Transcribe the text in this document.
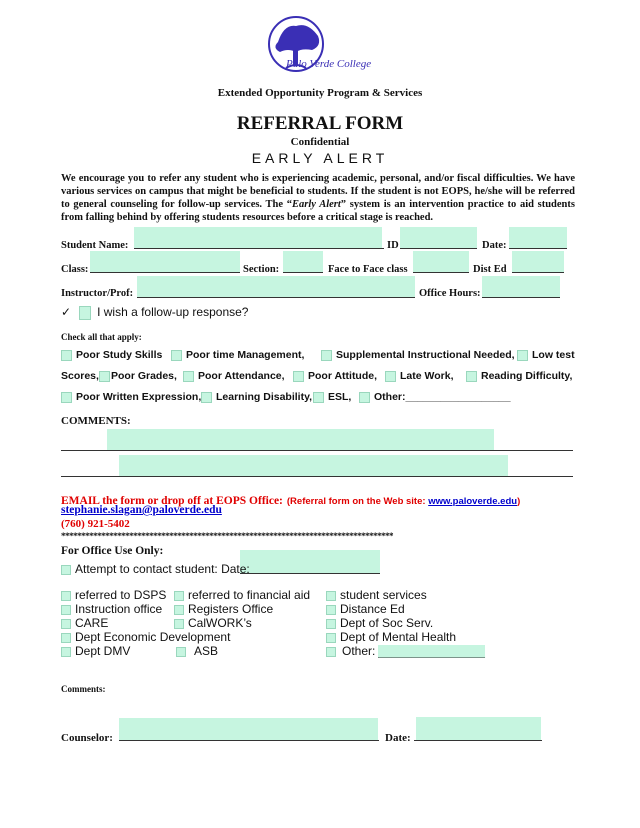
Palo Verde College
Extended Opportunity Program & Services
REFERRAL FORM
Confidential
EARLY ALERT
We encourage you to refer any student who is experiencing academic, personal, and/or fiscal difficulties. We have various services on campus that might be beneficial to students. If the student is not EOPS, he/she will be referred to general counseling for follow-up services. The “Early Alert” system is an intervention practice to aid students from falling behind by offering students resources before a critical stage is reached.
Student Name:	ID	Date:
Class:	Section:	Face to Face class	Dist Ed
Instructor/Prof:	Office Hours:
✓ I wish a follow-up response?
Check all that apply:
Poor Study Skills	Poor time Management,	Supplemental Instructional Needed,	Low test
Scores,	Poor Grades,	Poor Attendance,	Poor Attitude,	Late Work,	Reading Difficulty,
Poor Written Expression,	Learning Disability,	ESL,	Other:__________________
COMMENTS:
EMAIL the form or drop off at EOPS Office: (Referral form on the Web site: www.paloverde.edu)
stephanie.slagan@paloverde.edu
(760) 921-5402
***********************************************************************************
For Office Use Only:
Attempt to contact student: Date:
referred to DSPS	referred to financial aid	student services
Instruction office	Registers Office	Distance Ed
CARE	CalWORK’s	Dept of Soc Serv.
Dept Economic Development	Dept of Mental Health
Dept DMV	ASB	Other: ________________
Comments:
Counselor:	Date:
